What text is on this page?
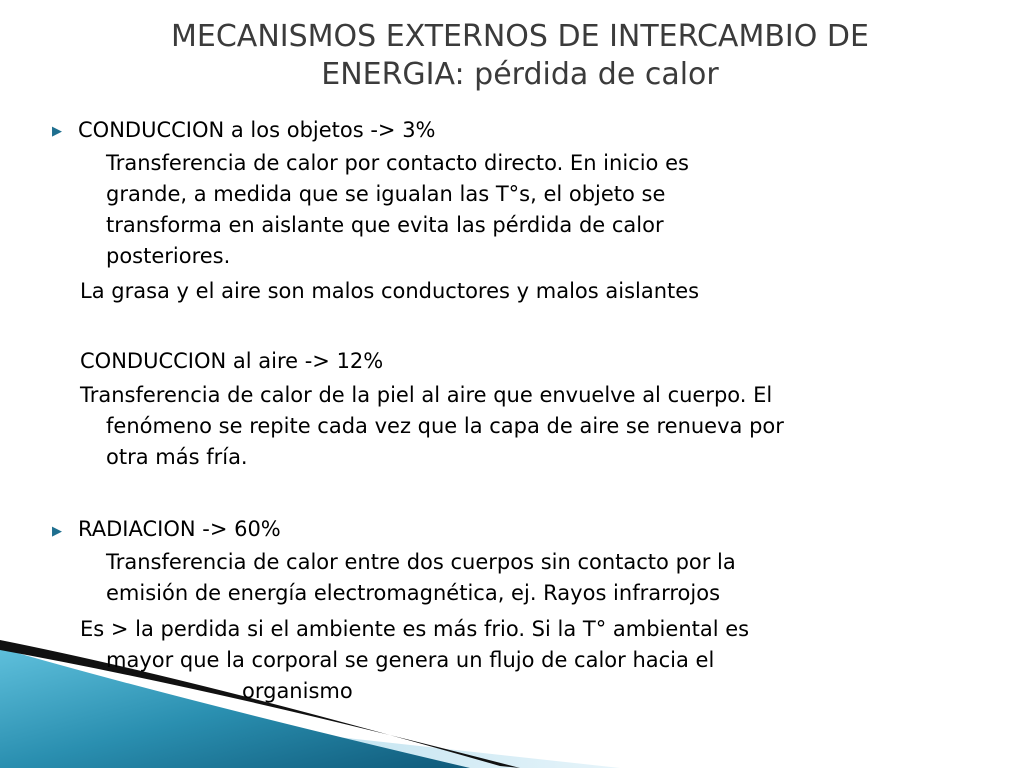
MECANISMOS EXTERNOS DE INTERCAMBIO DE
ENERGIA: pérdida de calor
▶ CONDUCCION a los objetos -> 3%
Transferencia de calor por contacto directo. En inicio es
grande, a medida que se igualan las T°s, el objeto se
transforma en aislante que evita las pérdida de calor
posteriores.
La grasa y el aire son malos conductores y malos aislantes
CONDUCCION al aire -> 12%
Transferencia de calor de la piel al aire que envuelve al cuerpo. El
fenómeno se repite cada vez que la capa de aire se renueva por
otra más fría.
▶ RADIACION -> 60%
Transferencia de calor entre dos cuerpos sin contacto por la
emisión de energía electromagnética, ej. Rayos infrarrojos
Es > la perdida si el ambiente es más frio. Si la T° ambiental es
mayor que la corporal se genera un flujo de calor hacia el
organismo
